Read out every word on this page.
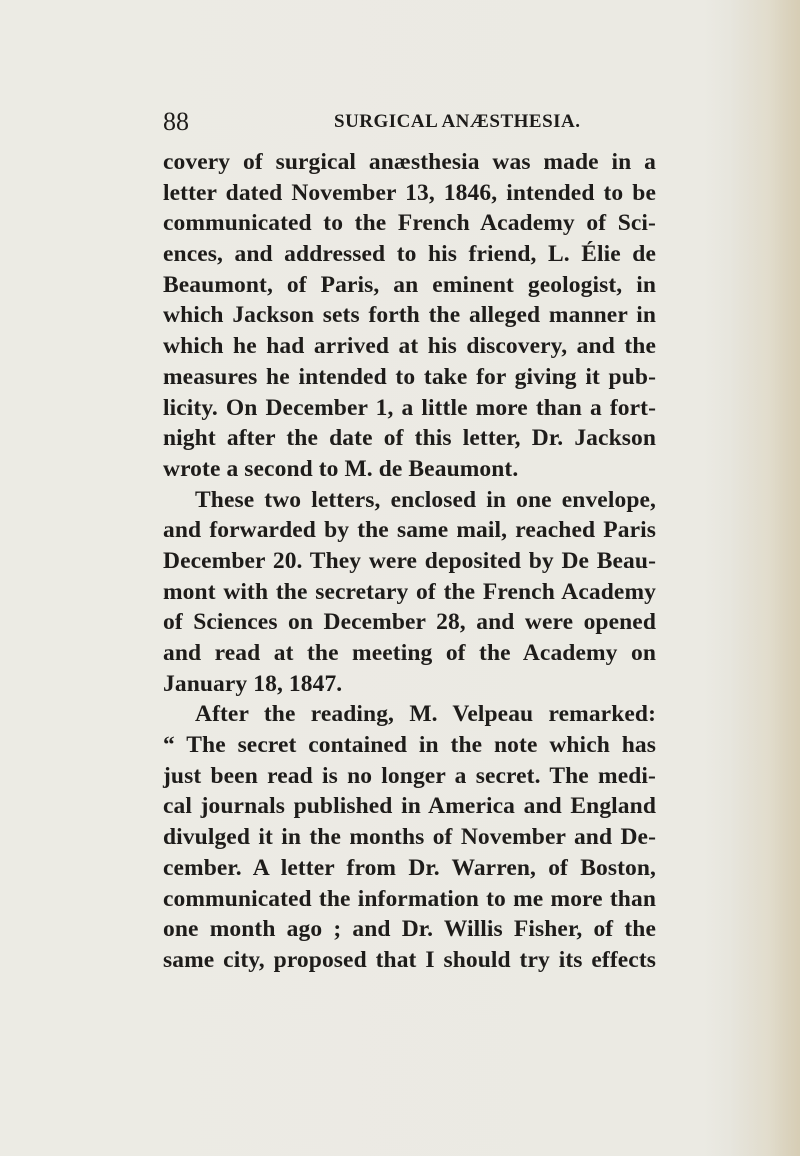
88	SURGICAL ANÆSTHESIA.
covery of surgical anæsthesia was made in a
letter dated November 13, 1846, intended to be
communicated to the French Academy of Sci-
ences, and addressed to his friend, L. Élie de
Beaumont, of Paris, an eminent geologist, in
which Jackson sets forth the alleged manner in
which he had arrived at his discovery, and the
measures he intended to take for giving it pub-
licity. On December 1, a little more than a fort-
night after the date of this letter, Dr. Jackson
wrote a second to M. de Beaumont.
These two letters, enclosed in one envelope,
and forwarded by the same mail, reached Paris
December 20. They were deposited by De Beau-
mont with the secretary of the French Academy
of Sciences on December 28, and were opened
and read at the meeting of the Academy on
January 18, 1847.
After the reading, M. Velpeau remarked:
“ The secret contained in the note which has
just been read is no longer a secret. The medi-
cal journals published in America and England
divulged it in the months of November and De-
cember. A letter from Dr. Warren, of Boston,
communicated the information to me more than
one month ago ; and Dr. Willis Fisher, of the
same city, proposed that I should try its effects
